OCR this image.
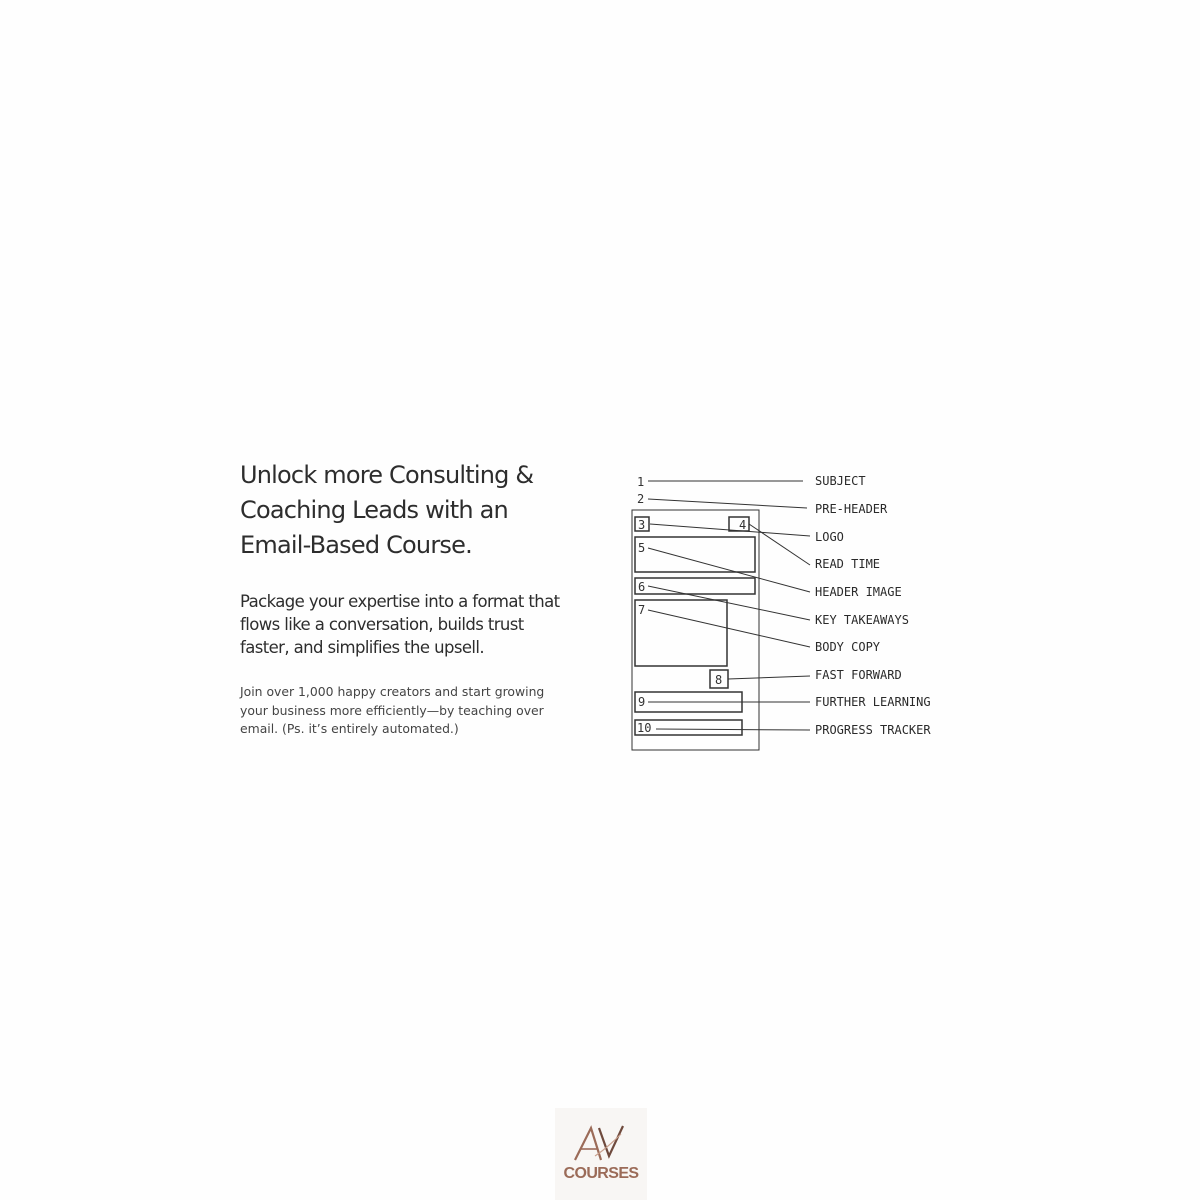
Unlock more Consulting & Coaching Leads with an Email-Based Course.

Package your expertise into a format that flows like a conversation, builds trust faster, and simplifies the upsell.

Join over 1,000 happy creators and start growing your business more efficiently—by teaching over email. (Ps. it’s entirely automated.)

1
2
3	4
5
6
7
8
9
10
SUBJECT
PRE-HEADER
LOGO
READ TIME
HEADER IMAGE
KEY TAKEAWAYS
BODY COPY
FAST FORWARD
FURTHER LEARNING
PROGRESS TRACKER
COURSES
